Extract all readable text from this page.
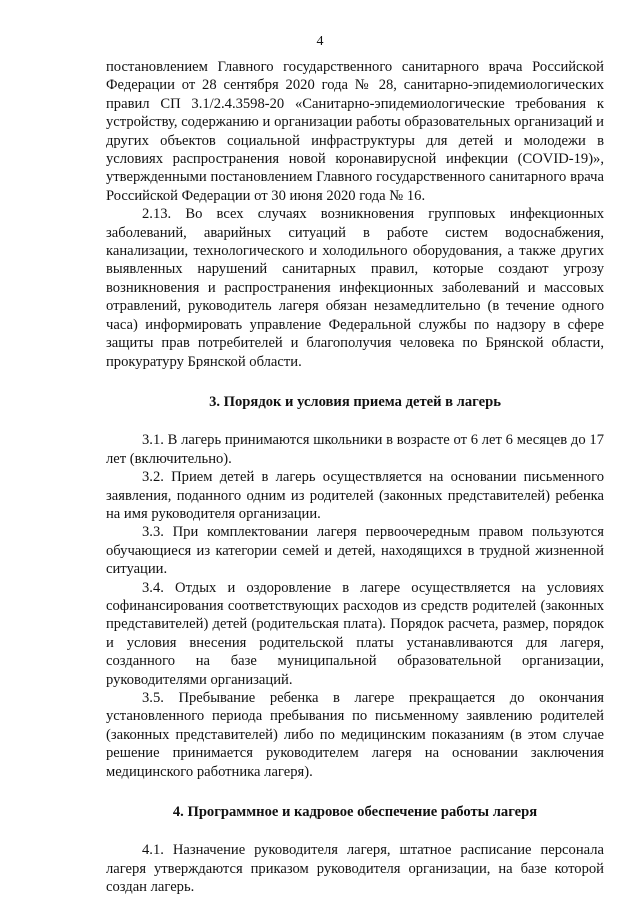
4

постановлением Главного государственного санитарного врача Российской Федерации от 28 сентября 2020 года № 28, санитарно-эпидемиологических правил СП 3.1/2.4.3598-20 «Санитарно-эпидемиологические требования к устройству, содержанию и организации работы образовательных организаций и других объектов социальной инфраструктуры для детей и молодежи в условиях распространения новой коронавирусной инфекции (COVID-19)», утвержденными постановлением Главного государственного санитарного врача Российской Федерации от 30 июня 2020 года № 16.

2.13. Во всех случаях возникновения групповых инфекционных заболеваний, аварийных ситуаций в работе систем водоснабжения, канализации, технологического и холодильного оборудования, а также других выявленных нарушений санитарных правил, которые создают угрозу возникновения и распространения инфекционных заболеваний и массовых отравлений, руководитель лагеря обязан незамедлительно (в течение одного часа) информировать управление Федеральной службы по надзору в сфере защиты прав потребителей и благополучия человека по Брянской области, прокуратуру Брянской области.

3. Порядок и условия приема детей в лагерь

3.1. В лагерь принимаются школьники в возрасте от 6 лет 6 месяцев до 17 лет (включительно).

3.2. Прием детей в лагерь осуществляется на основании письменного заявления, поданного одним из родителей (законных представителей) ребенка на имя руководителя организации.

3.3. При комплектовании лагеря первоочередным правом пользуются обучающиеся из категории семей и детей, находящихся в трудной жизненной ситуации.

3.4. Отдых и оздоровление в лагере осуществляется на условиях софинансирования соответствующих расходов из средств родителей (законных представителей) детей (родительская плата). Порядок расчета, размер, порядок и условия внесения родительской платы устанавливаются для лагеря, созданного на базе муниципальной образовательной организации, руководителями организаций.

3.5. Пребывание ребенка в лагере прекращается до окончания установленного периода пребывания по письменному заявлению родителей (законных представителей) либо по медицинским показаниям (в этом случае решение принимается руководителем лагеря на основании заключения медицинского работника лагеря).

4. Программное и кадровое обеспечение работы лагеря

4.1. Назначение руководителя лагеря, штатное расписание персонала лагеря утверждаются приказом руководителя организации, на базе которой создан лагерь.
